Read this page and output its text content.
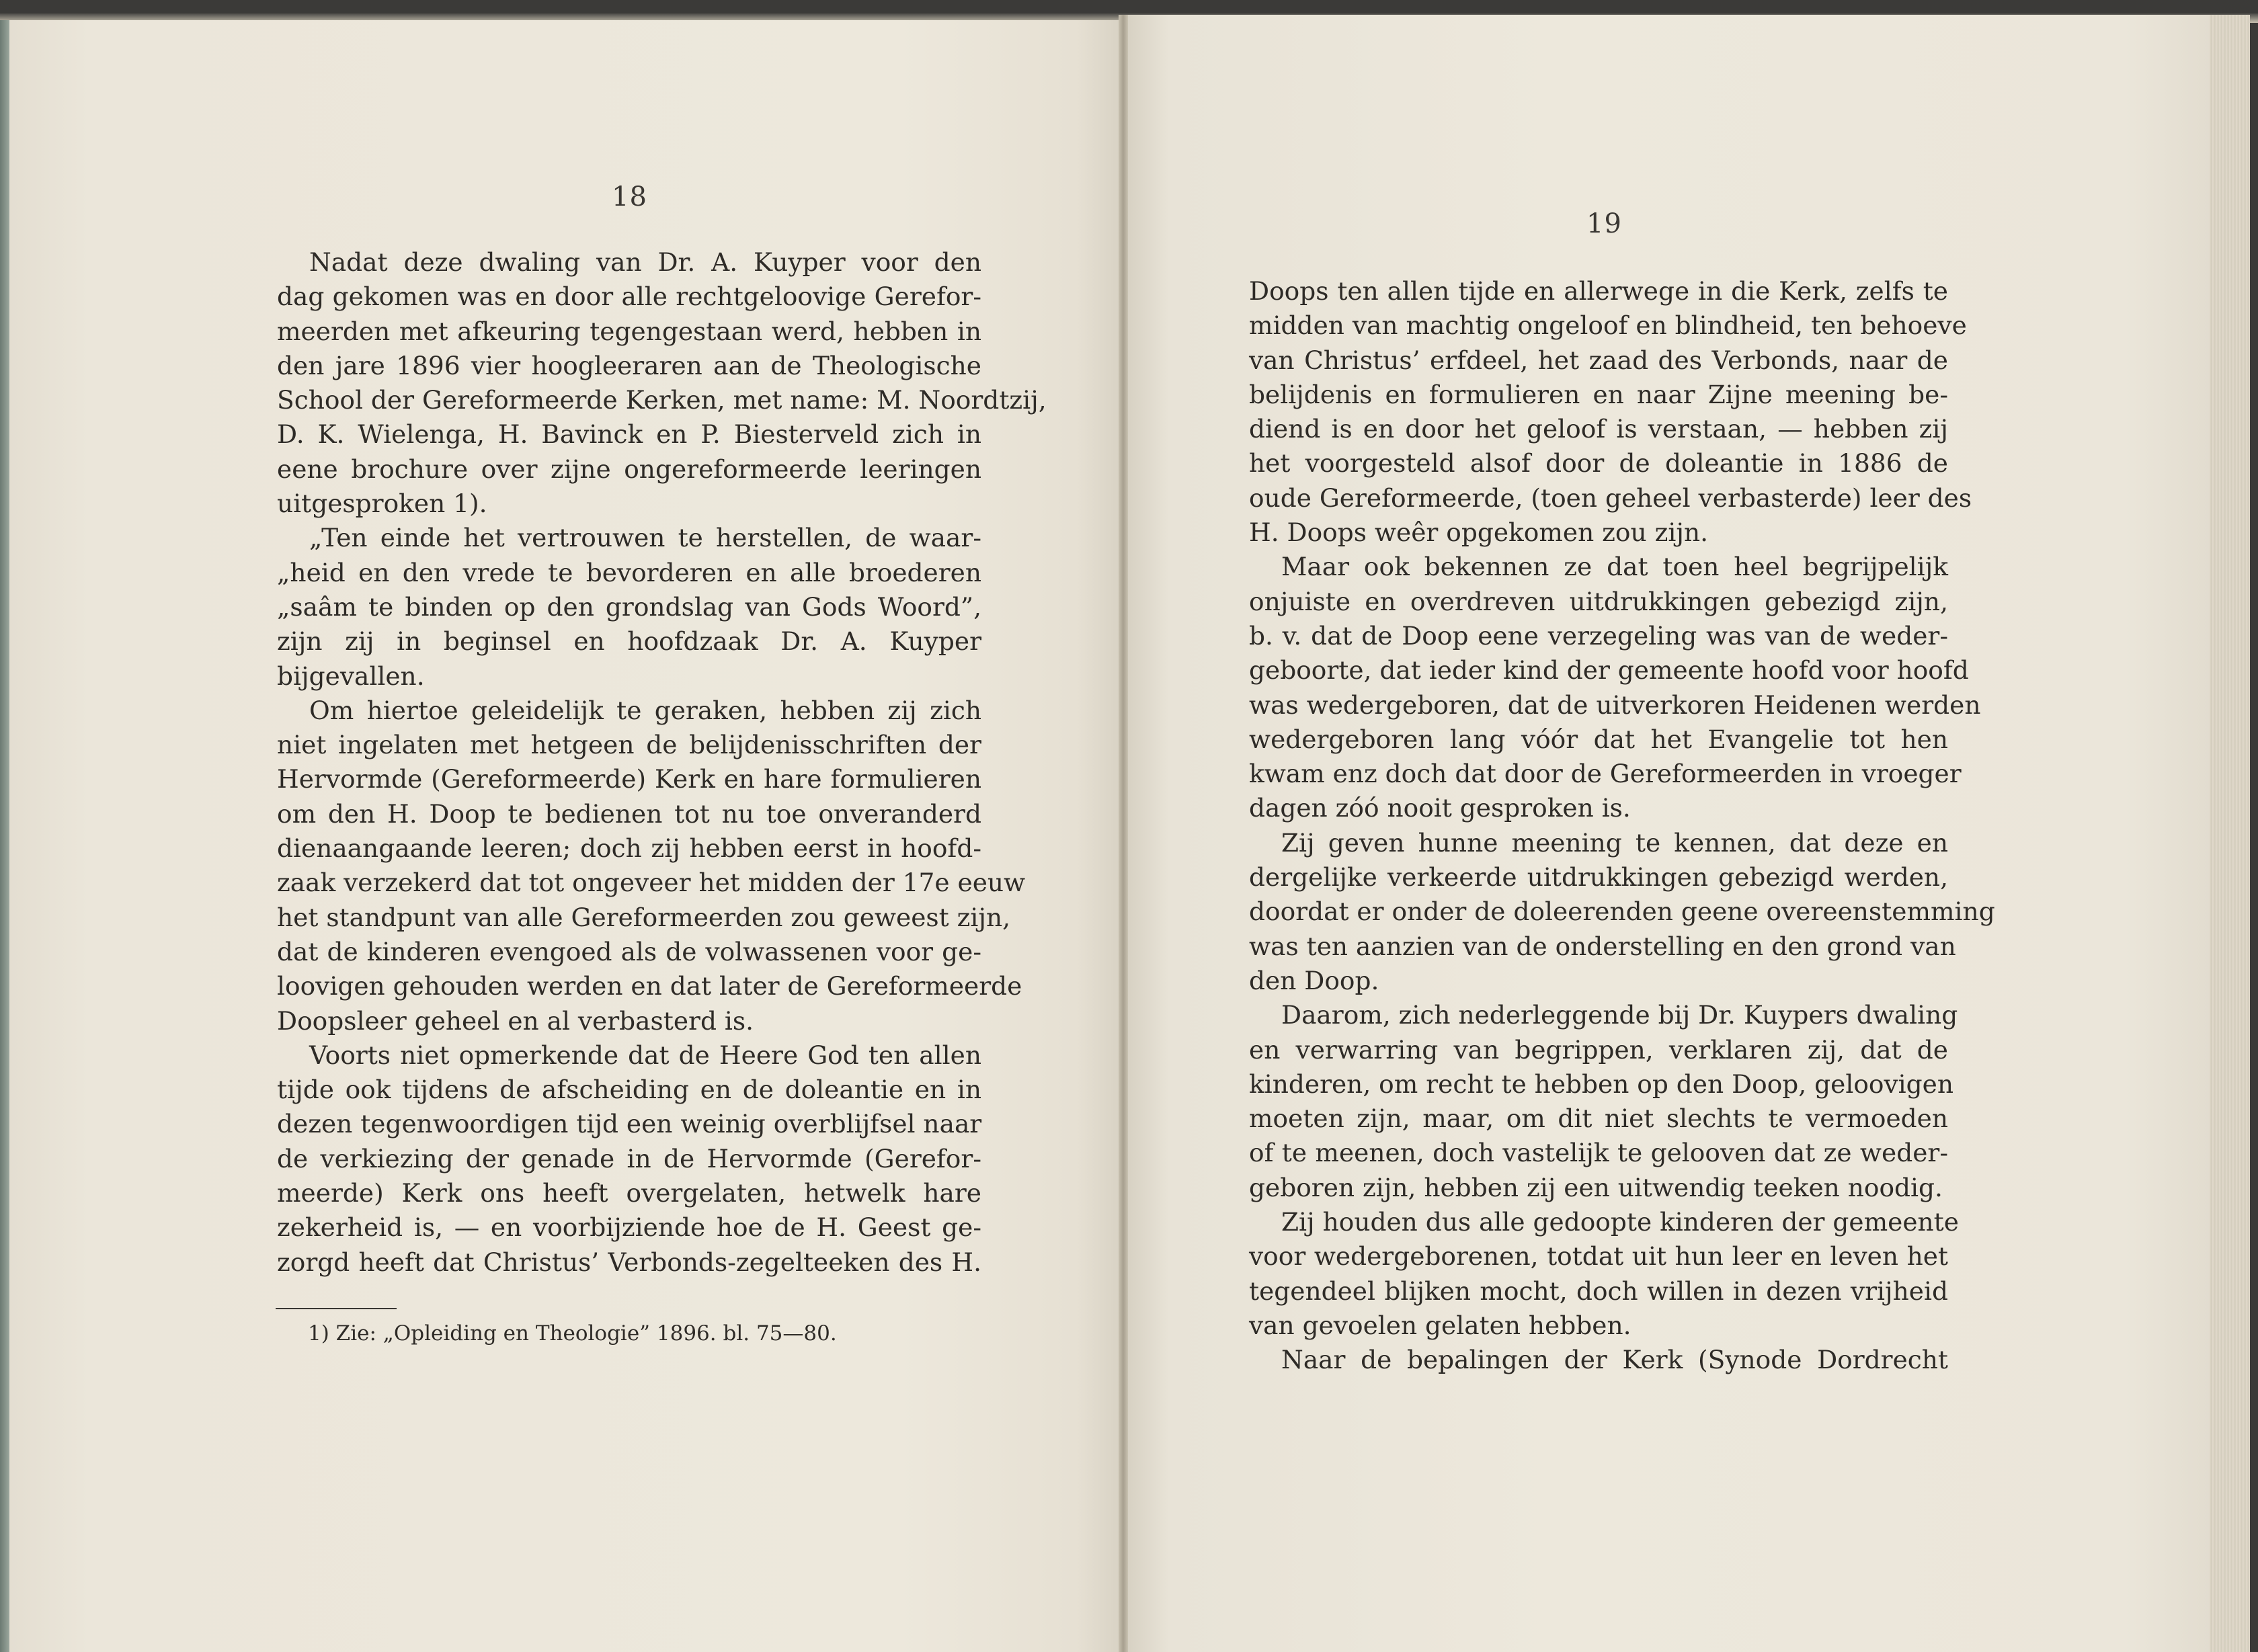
18
19
Nadat deze dwaling van Dr. A. Kuyper voor den
dag gekomen was en door alle rechtgeloovige Gerefor-
meerden met afkeuring tegengestaan werd, hebben in
den jare 1896 vier hoogleeraren aan de Theologische
School der Gereformeerde Kerken, met name: M. Noordtzij,
D. K. Wielenga, H. Bavinck en P. Biesterveld zich in
eene brochure over zijne ongereformeerde leeringen
uitgesproken 1).
„Ten einde het vertrouwen te herstellen, de waar-
„heid en den vrede te bevorderen en alle broederen
„saâm te binden op den grondslag van Gods Woord”,
zijn zij in beginsel en hoofdzaak Dr. A. Kuyper
bijgevallen.
Om hiertoe geleidelijk te geraken, hebben zij zich
niet ingelaten met hetgeen de belijdenisschriften der
Hervormde (Gereformeerde) Kerk en hare formulieren
om den H. Doop te bedienen tot nu toe onveranderd
dienaangaande leeren; doch zij hebben eerst in hoofd-
zaak verzekerd dat tot ongeveer het midden der 17e eeuw
het standpunt van alle Gereformeerden zou geweest zijn,
dat de kinderen evengoed als de volwassenen voor ge-
loovigen gehouden werden en dat later de Gereformeerde
Doopsleer geheel en al verbasterd is.
Voorts niet opmerkende dat de Heere God ten allen
tijde ook tijdens de afscheiding en de doleantie en in
dezen tegenwoordigen tijd een weinig overblijfsel naar
de verkiezing der genade in de Hervormde (Gerefor-
meerde) Kerk ons heeft overgelaten, hetwelk hare
zekerheid is, — en voorbijziende hoe de H. Geest ge-
zorgd heeft dat Christus’ Verbonds-zegelteeken des H.
1) Zie: „Opleiding en Theologie” 1896. bl. 75—80.
Doops ten allen tijde en allerwege in die Kerk, zelfs te
midden van machtig ongeloof en blindheid, ten behoeve
van Christus’ erfdeel, het zaad des Verbonds, naar de
belijdenis en formulieren en naar Zijne meening be-
diend is en door het geloof is verstaan, — hebben zij
het voorgesteld alsof door de doleantie in 1886 de
oude Gereformeerde, (toen geheel verbasterde) leer des
H. Doops weêr opgekomen zou zijn.
Maar ook bekennen ze dat toen heel begrijpelijk
onjuiste en overdreven uitdrukkingen gebezigd zijn,
b. v. dat de Doop eene verzegeling was van de weder-
geboorte, dat ieder kind der gemeente hoofd voor hoofd
was wedergeboren, dat de uitverkoren Heidenen werden
wedergeboren lang vóór dat het Evangelie tot hen
kwam enz doch dat door de Gereformeerden in vroeger
dagen zóó nooit gesproken is.
Zij geven hunne meening te kennen, dat deze en
dergelijke verkeerde uitdrukkingen gebezigd werden,
doordat er onder de doleerenden geene overeenstemming
was ten aanzien van de onderstelling en den grond van
den Doop.
Daarom, zich nederleggende bij Dr. Kuypers dwaling
en verwarring van begrippen, verklaren zij, dat de
kinderen, om recht te hebben op den Doop, geloovigen
moeten zijn, maar, om dit niet slechts te vermoeden
of te meenen, doch vastelijk te gelooven dat ze weder-
geboren zijn, hebben zij een uitwendig teeken noodig.
Zij houden dus alle gedoopte kinderen der gemeente
voor wedergeborenen, totdat uit hun leer en leven het
tegendeel blijken mocht, doch willen in dezen vrijheid
van gevoelen gelaten hebben.
Naar de bepalingen der Kerk (Synode Dordrecht
